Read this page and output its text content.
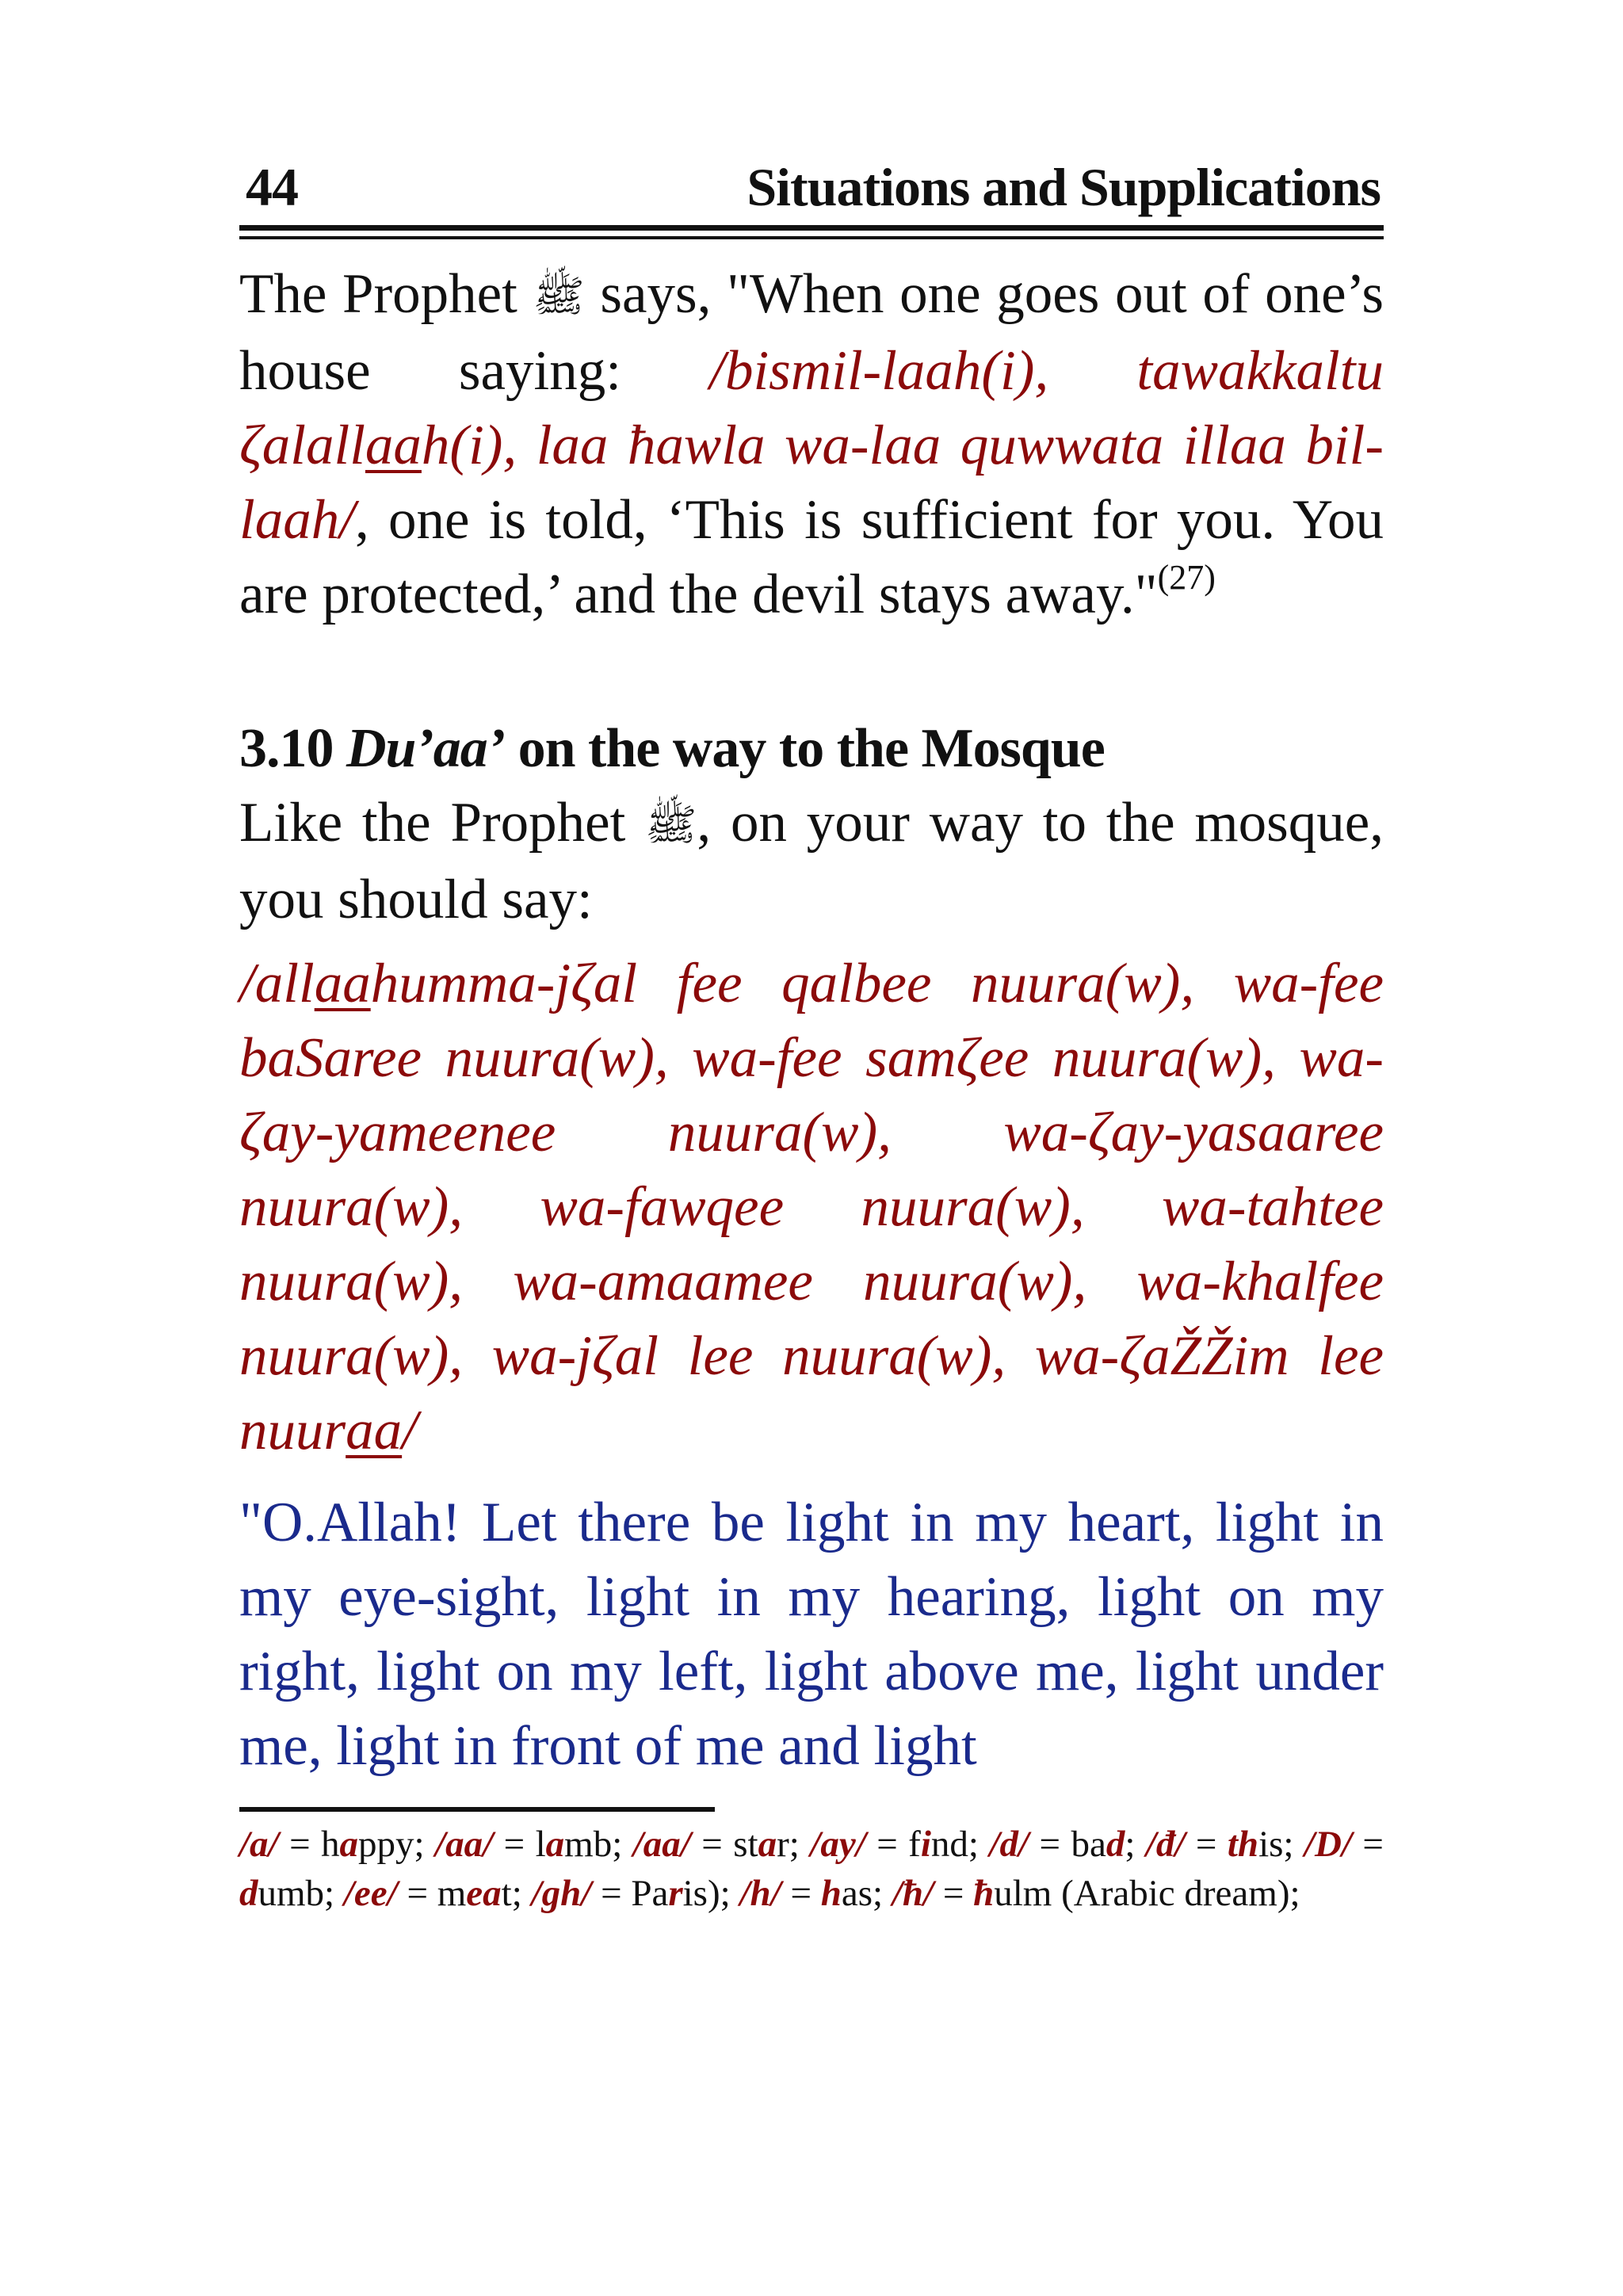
44	Situations and Supplications

The Prophet ﷺ says, "When one goes out of one’s house saying: /bismil-laah(i), tawakkaltu ζalallaah(i), laa ħawla wa-laa quwwata illaa bil-laah/, one is told, ‘This is sufficient for you. You are protected,’ and the devil stays away."$^{(27)}$

3.10 Du’aa’ on the way to the Mosque

Like the Prophet ﷺ, on your way to the mosque, you should say:

/allaahumma-jζal fee qalbee nuura(w), wa-fee baSaree nuura(w), wa-fee samζee nuura(w), wa-ζay-yameenee nuura(w), wa-ζay-yasaaree nuura(w), wa-fawqee nuura(w), wa-tahtee nuura(w), wa-amaamee nuura(w), wa-khalfee nuura(w), wa-jζal lee nuura(w), wa-ζaŽŽim lee nuuraa/

"O.Allah! Let there be light in my heart, light in my eye-sight, light in my hearing, light on my right, light on my left, light above me, light under me, light in front of me and light

/a/ = happy; /aa/ = lamb; /aa/ = star; /ay/ = find; /d/ = bad; /đ/ = this; /D/ = dumb; /ee/ = meat; /gh/ = Paris); /h/ = has; /ħ/ = ħulm (Arabic dream);
